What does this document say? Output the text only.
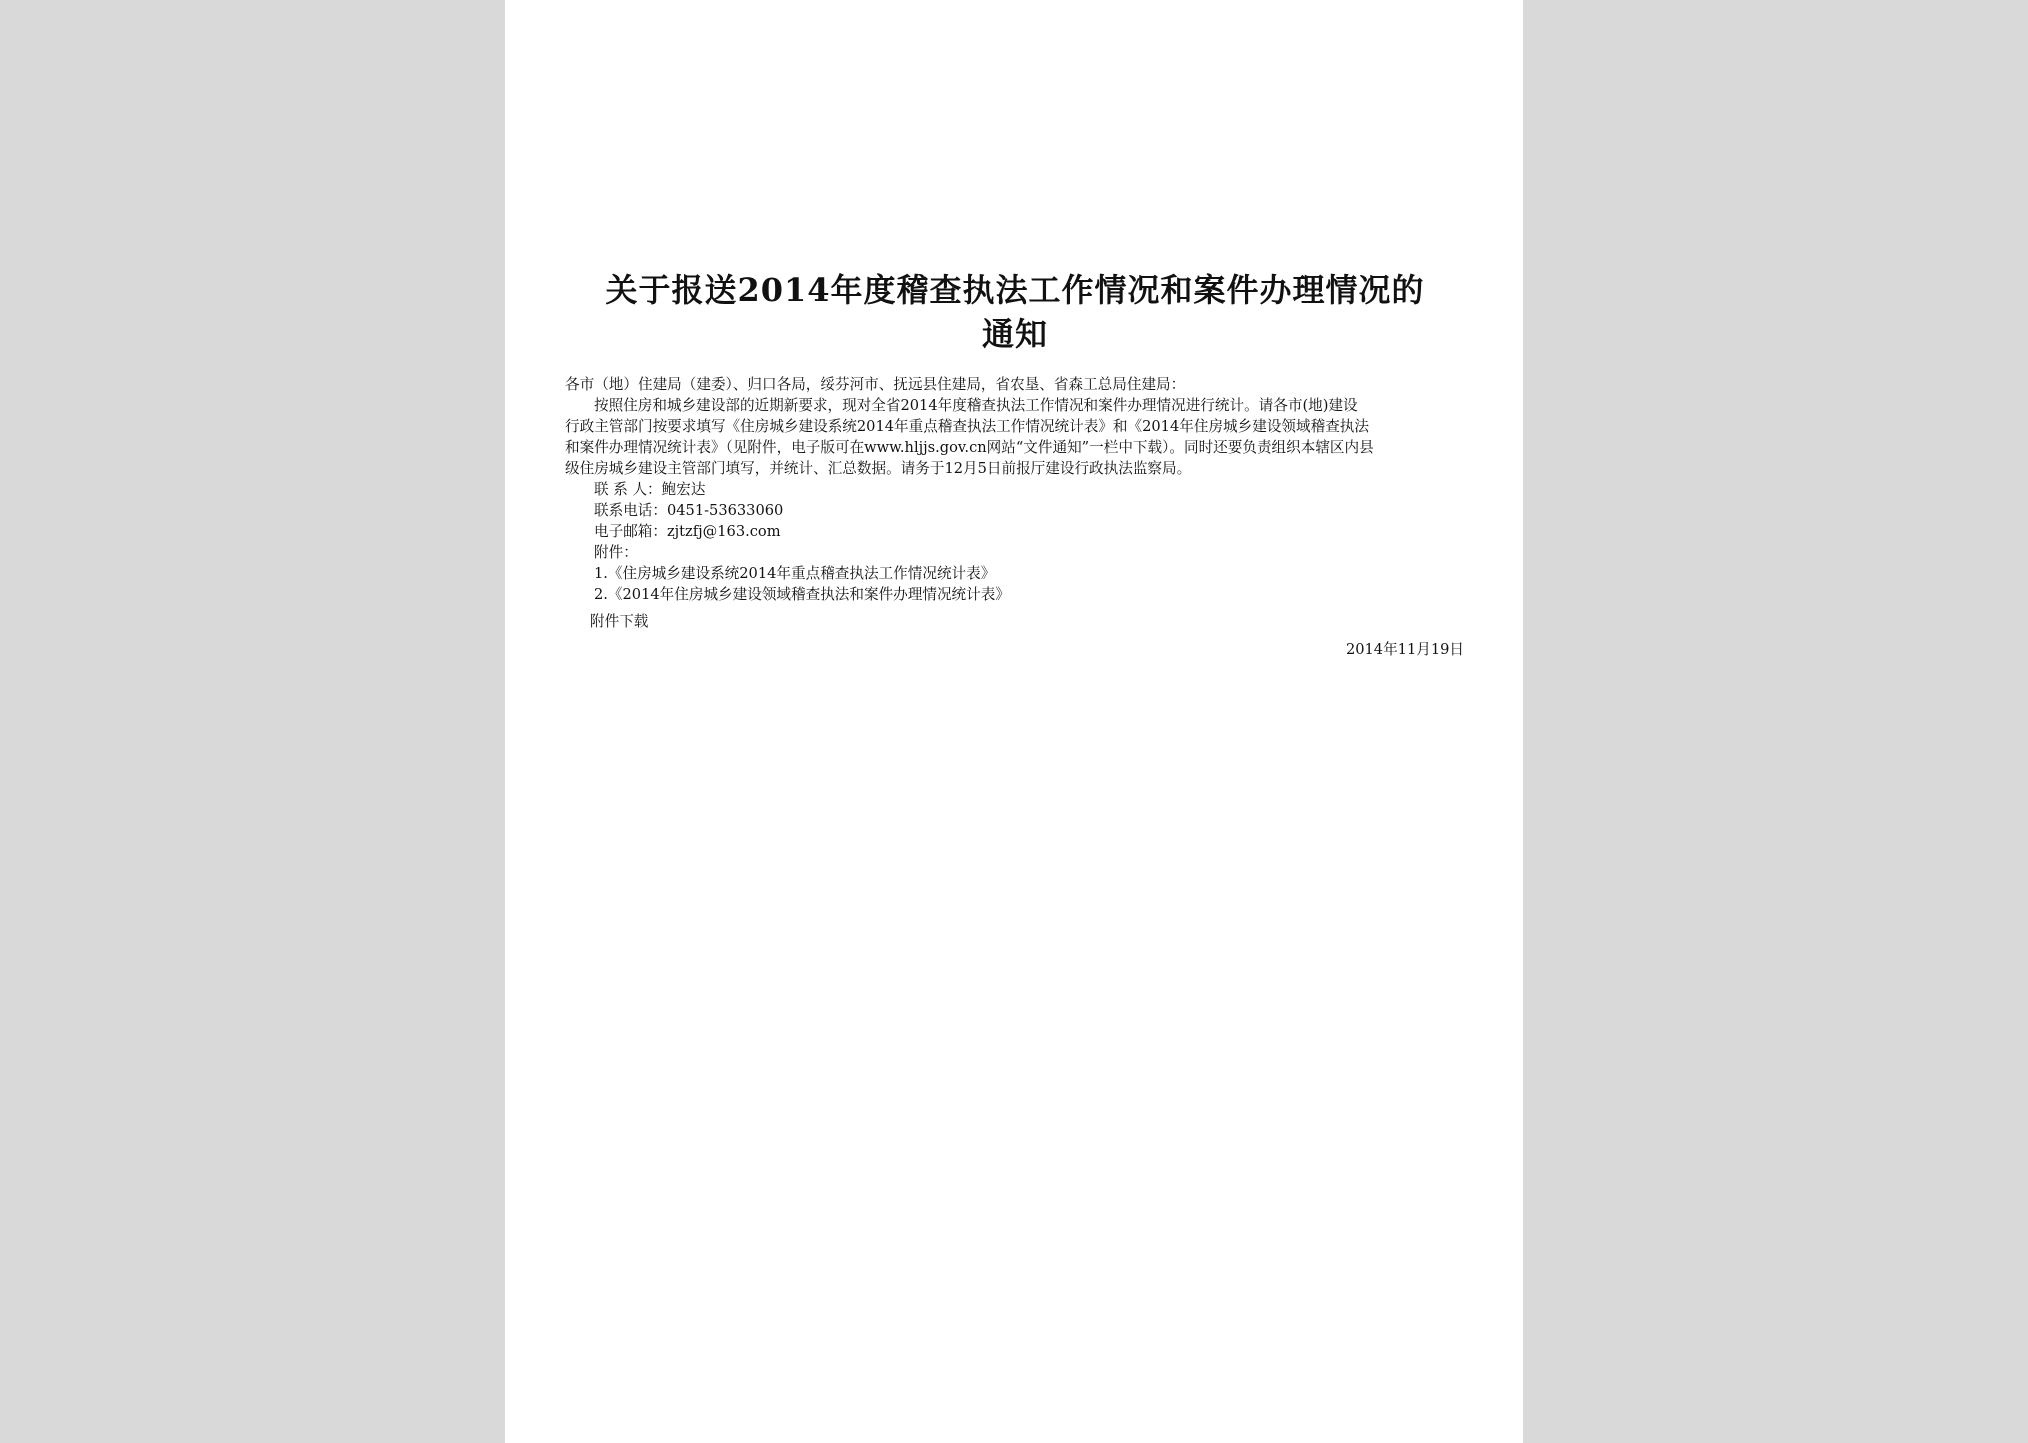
关于报送2014年度稽查执法工作情况和案件办理情况的
通知
各市（地）住建局（建委）、归口各局，绥芬河市、抚远县住建局，省农垦、省森工总局住建局：
按照住房和城乡建设部的近期新要求，现对全省2014年度稽查执法工作情况和案件办理情况进行统计。请各市(地)建设
行政主管部门按要求填写《住房城乡建设系统2014年重点稽查执法工作情况统计表》和《2014年住房城乡建设领域稽查执法
和案件办理情况统计表》（见附件，电子版可在www.hljjs.gov.cn网站“文件通知”一栏中下载）。同时还要负责组织本辖区内县
级住房城乡建设主管部门填写，并统计、汇总数据。请务于12月5日前报厅建设行政执法监察局。
联 系 人：鲍宏达
联系电话：0451-53633060
电子邮箱：zjtzfj@163.com
附件：
1.《住房城乡建设系统2014年重点稽查执法工作情况统计表》
2.《2014年住房城乡建设领域稽查执法和案件办理情况统计表》
附件下载
2014年11月19日
